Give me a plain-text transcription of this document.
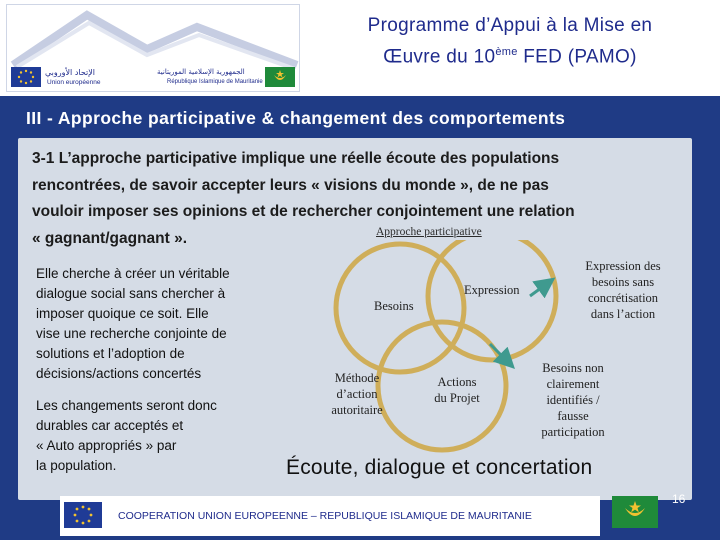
الإتحاد الأوروبي
Union européenne
الجمهورية الإسلامية الموريتانية
République Islamique de Mauritanie
Programme d’Appui à la Mise en
Œuvre du 10ème FED (PAMO)
III - Approche participative & changement des comportements
3-1 L’approche participative implique une réelle écoute des populations
rencontrées, de savoir accepter leurs « visions du monde », de ne pas
vouloir imposer ses opinions et de rechercher conjointement une relation
« gagnant/gagnant ».
Elle cherche à créer un véritable
dialogue social sans chercher à
imposer quoique ce soit. Elle
vise une recherche conjointe de
solutions et l’adoption de
décisions/actions concertés
Les changements seront donc
durables car acceptés et
« Auto appropriés » par
la population.
Approche participative
Besoins
Expression
Méthode
d’action
autoritaire
Actions
du Projet
Expression des
besoins sans
concrétisation
dans l’action
Besoins non
clairement
identifiés /
fausse
participation
Écoute, dialogue et concertation
COOPERATION UNION EUROPEENNE – REPUBLIQUE ISLAMIQUE DE MAURITANIE
16
